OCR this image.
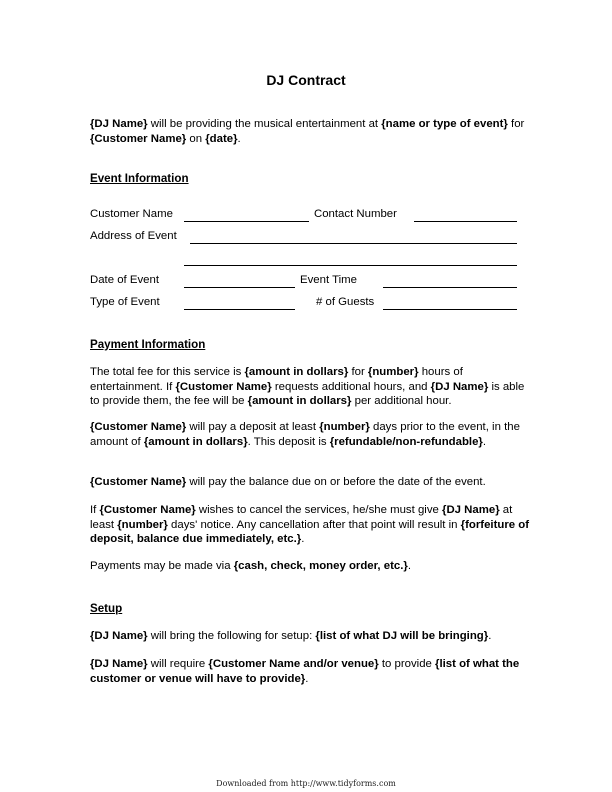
DJ Contract
{DJ Name} will be providing the musical entertainment at {name or type of event} for {Customer Name} on {date}.
Event Information
Customer Name	Contact Number
Address of Event
Date of Event	Event Time
Type of Event	# of Guests
Payment Information
The total fee for this service is {amount in dollars} for {number} hours of entertainment. If {Customer Name} requests additional hours, and {DJ Name} is able to provide them, the fee will be {amount in dollars} per additional hour.
{Customer Name} will pay a deposit at least {number} days prior to the event, in the amount of {amount in dollars}. This deposit is {refundable/non-refundable}.
{Customer Name} will pay the balance due on or before the date of the event.
If {Customer Name} wishes to cancel the services, he/she must give {DJ Name} at least {number} days' notice. Any cancellation after that point will result in {forfeiture of deposit, balance due immediately, etc.}.
Payments may be made via {cash, check, money order, etc.}.
Setup
{DJ Name} will bring the following for setup: {list of what DJ will be bringing}.
{DJ Name} will require {Customer Name and/or venue} to provide {list of what the customer or venue will have to provide}.
Downloaded from http://www.tidyforms.com
